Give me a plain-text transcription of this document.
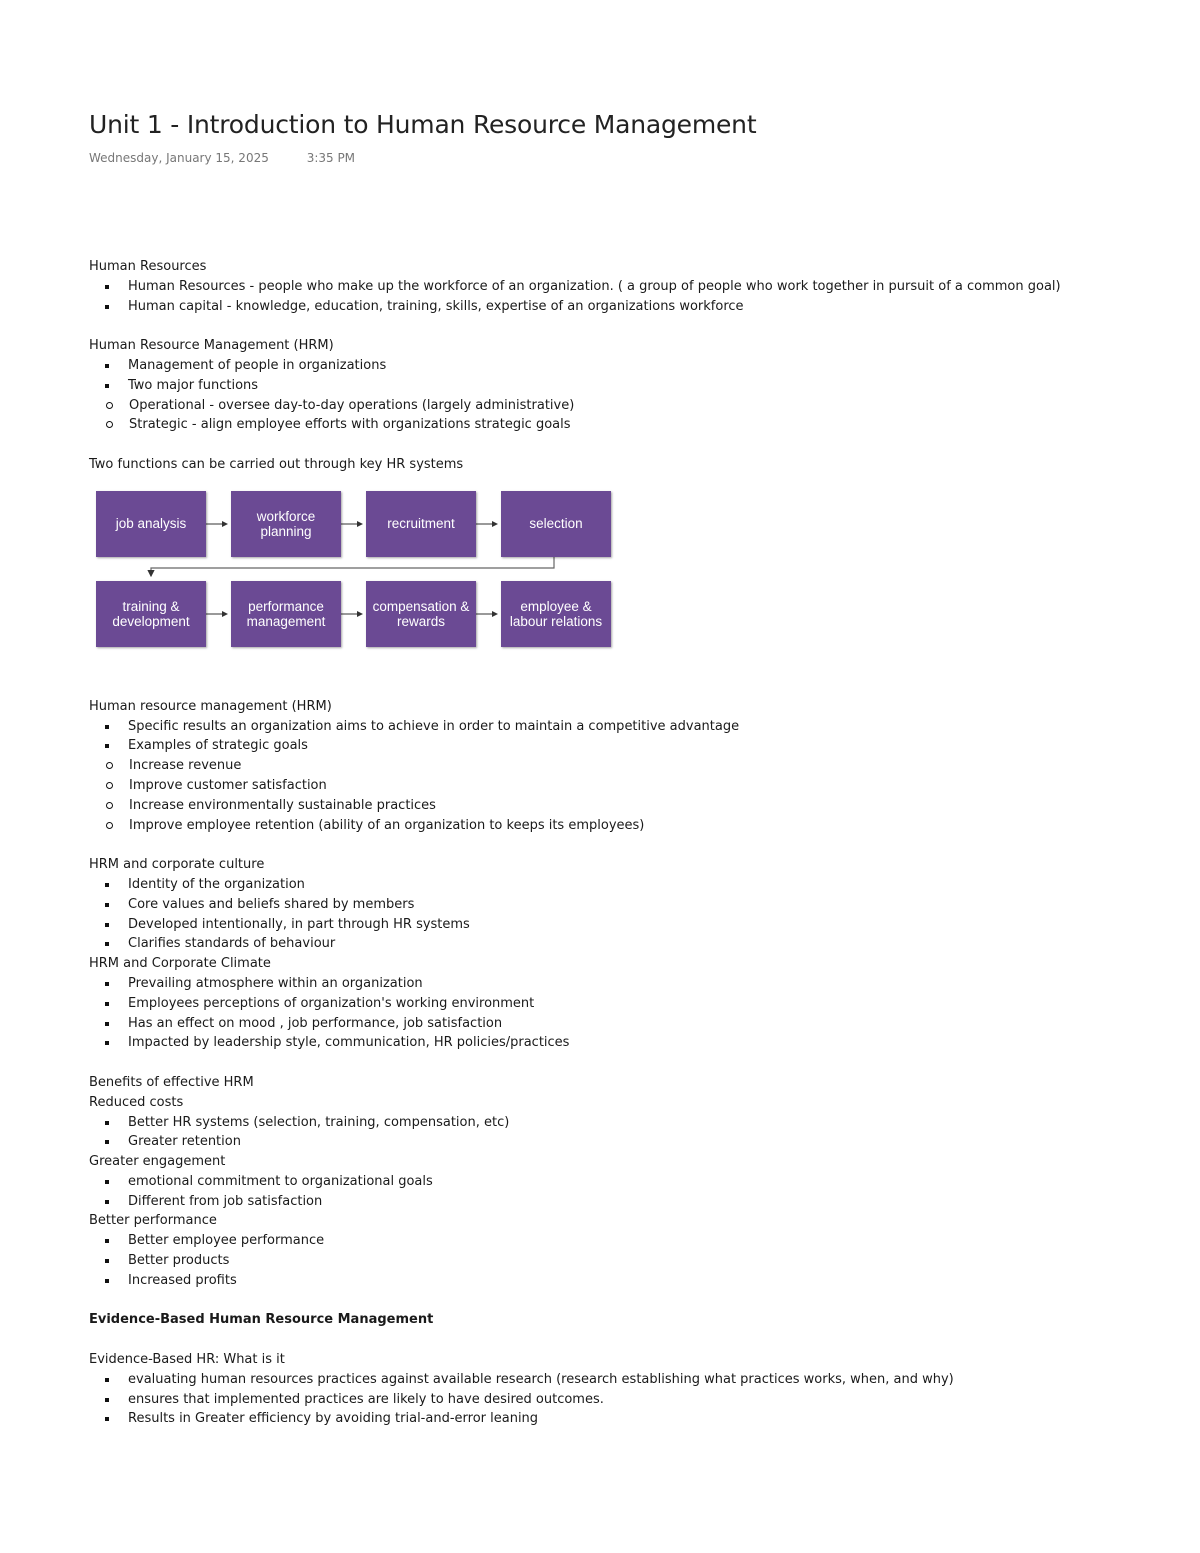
Unit 1 - Introduction to Human Resource Management
Wednesday, January 15, 2025	3:35 PM

Human Resources

Human Resources - people who make up the workforce of an organization. ( a group of people who work together in pursuit of a common goal)
Human capital - knowledge, education, training, skills, expertise of an organizations workforce

Human Resource Management (HRM)

Management of people in organizations
Two major functions
Operational - oversee day-to-day operations (largely administrative)
Strategic - align employee efforts with organizations strategic goals

Two functions can be carried out through key HR systems

job analysis	workforce planning	recruitment	selection
training & development
performance management
compensation & rewards
employee & labour relations

Human resource management (HRM)

Specific results an organization aims to achieve in order to maintain a competitive advantage
Examples of strategic goals
Increase revenue
Improve customer satisfaction
Increase environmentally sustainable practices
Improve employee retention (ability of an organization to keeps its employees)

HRM and corporate culture

Identity of the organization
Core values and beliefs shared by members
Developed intentionally, in part through HR systems
Clarifies standards of behaviour

HRM and Corporate Climate

Prevailing atmosphere within an organization
Employees perceptions of organization's working environment
Has an effect on mood , job performance, job satisfaction
Impacted by leadership style, communication, HR policies/practices

Benefits of effective HRM

Reduced costs

Better HR systems (selection, training, compensation, etc)
Greater retention

Greater engagement

emotional commitment to organizational goals
Different from job satisfaction

Better performance

Better employee performance
Better products
Increased profits

Evidence-Based Human Resource Management

Evidence-Based HR: What is it

evaluating human resources practices against available research (research establishing what practices works, when, and why)
ensures that implemented practices are likely to have desired outcomes.
Results in Greater efficiency by avoiding trial-and-error leaning
